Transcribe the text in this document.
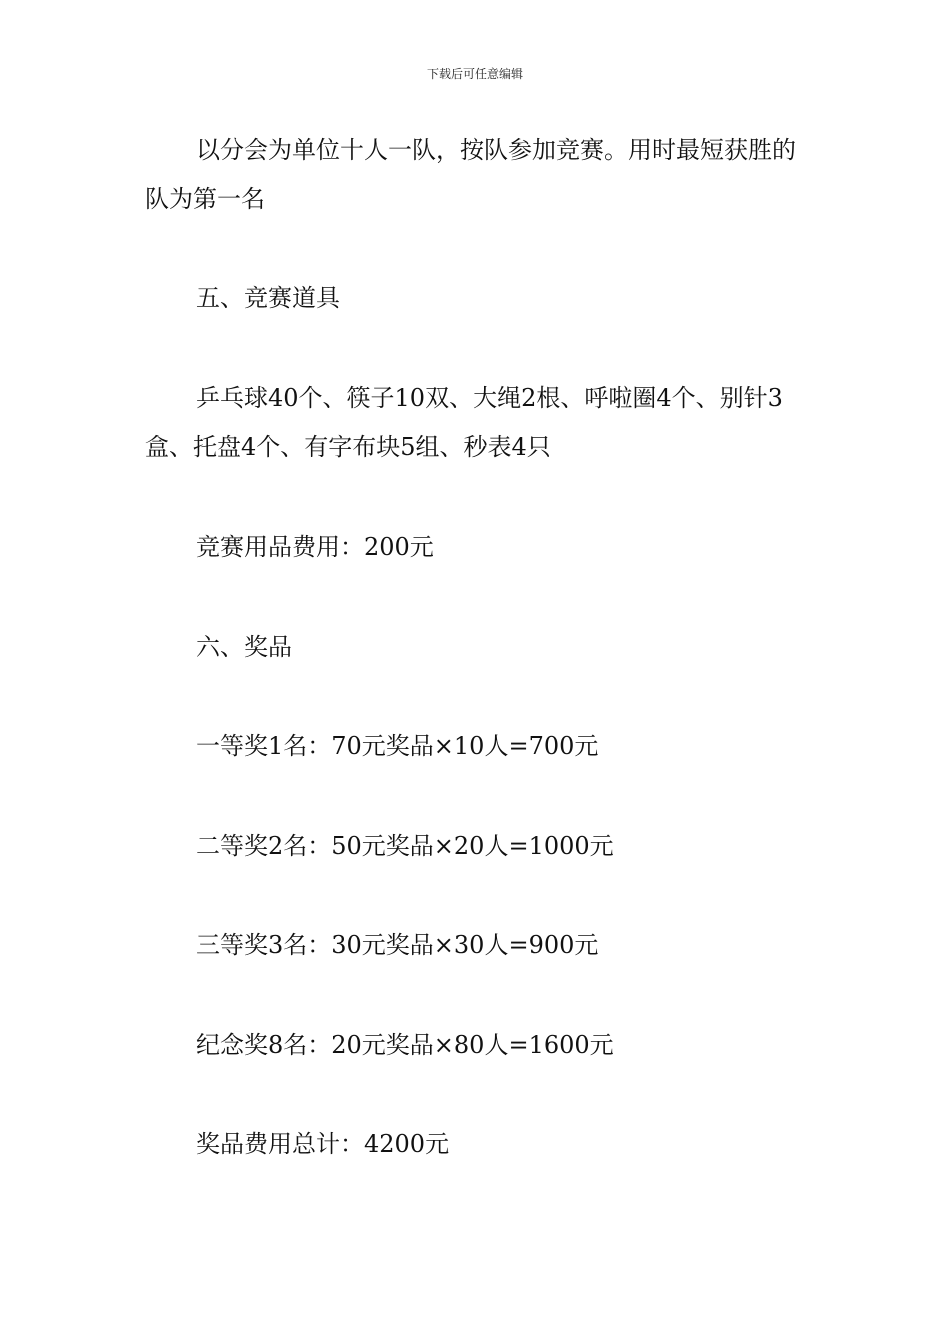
下载后可任意编辑

以分会为单位十人一队，按队参加竞赛。用时最短获胜的队为第一名

五、竞赛道具

乒乓球40个、筷子10双、大绳2根、呼啦圈4个、别针3盒、托盘4个、有字布块5组、秒表4只

竞赛用品费用：200元

六、奖品

一等奖1名：70元奖品×10人=700元

二等奖2名：50元奖品×20人=1000元

三等奖3名：30元奖品×30人=900元

纪念奖8名：20元奖品×80人=1600元

奖品费用总计：4200元
